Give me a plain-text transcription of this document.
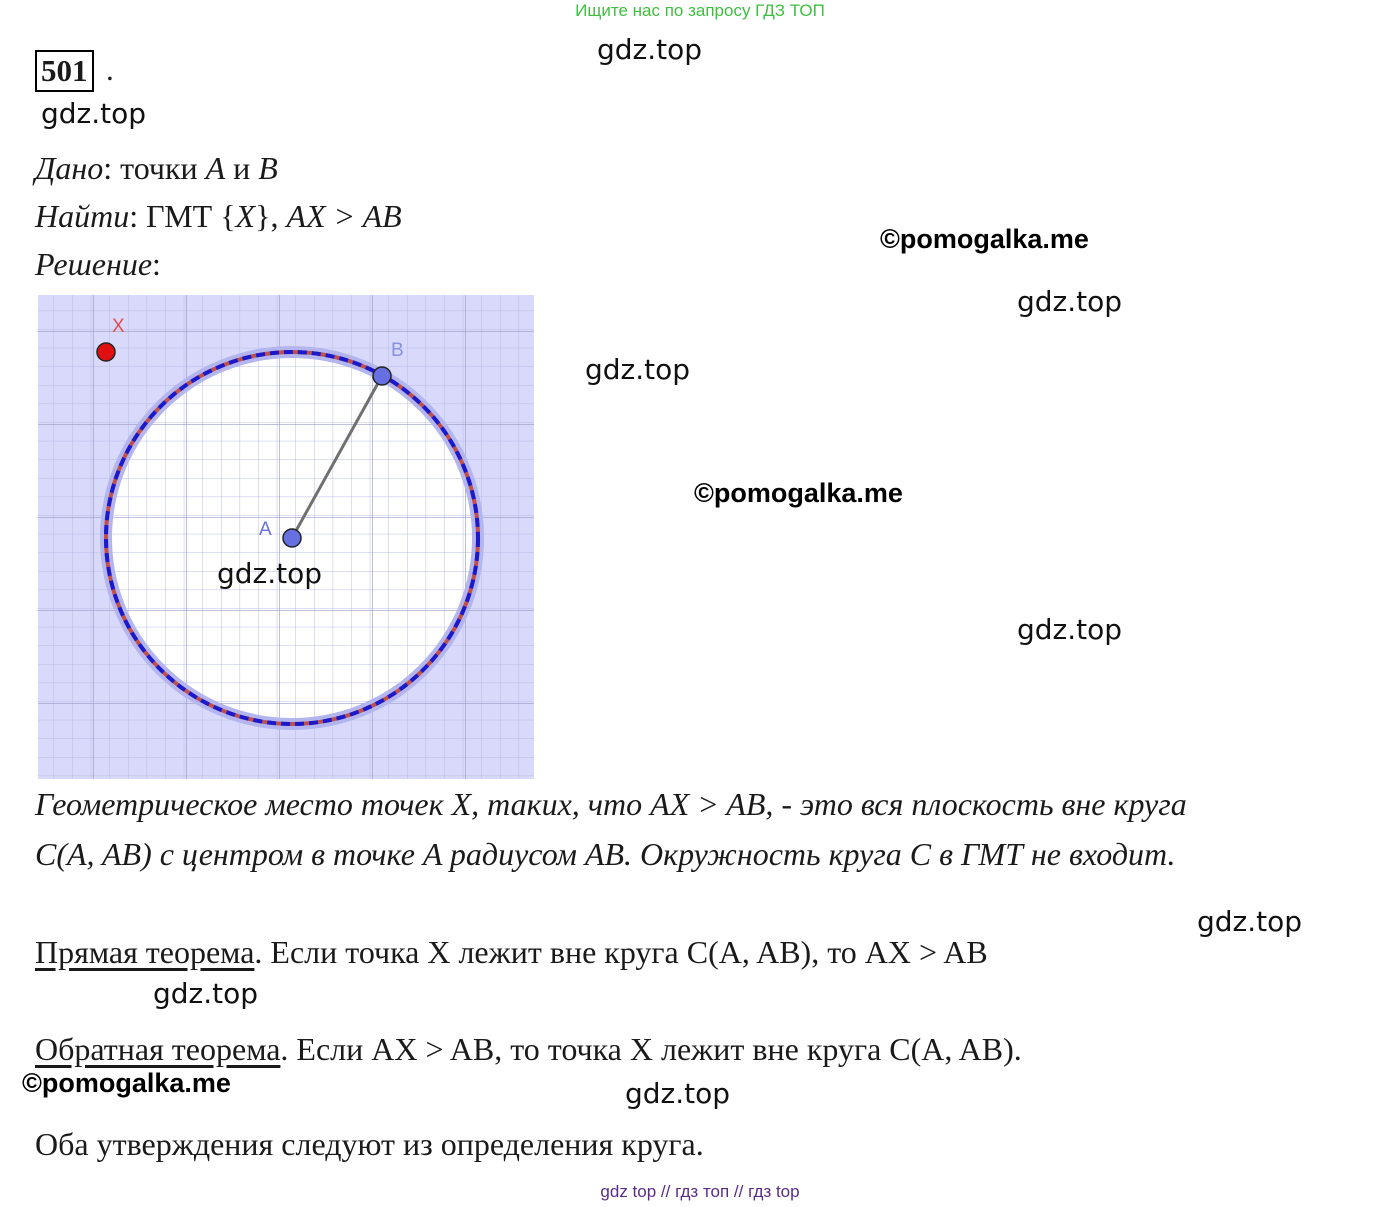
Ищите нас по запросу ГДЗ ТОП
501 .
gdz.top
gdz.top
©pomogalka.me
gdz.top
gdz.top
©pomogalka.me
gdz.top
gdz.top
gdz.top
©pomogalka.me	gdz.top
Дано: точки A и B
Найти: ГМТ {X}, AX > AB
Решение:
A
B
X
gdz.top
Геометрическое место точек X, таких, что AX > AB, - это вся плоскость вне круга
C(A, AB) с центром в точке A радиусом AB. Окружность круга C в ГМТ не входит.
Прямая теорема. Если точка X лежит вне круга C(A, AB), то AX > AB
Обратная теорема. Если AX > AB, то точка X лежит вне круга C(A, AB).
Оба утверждения следуют из определения круга.
gdz top // гдз топ // гдз top
